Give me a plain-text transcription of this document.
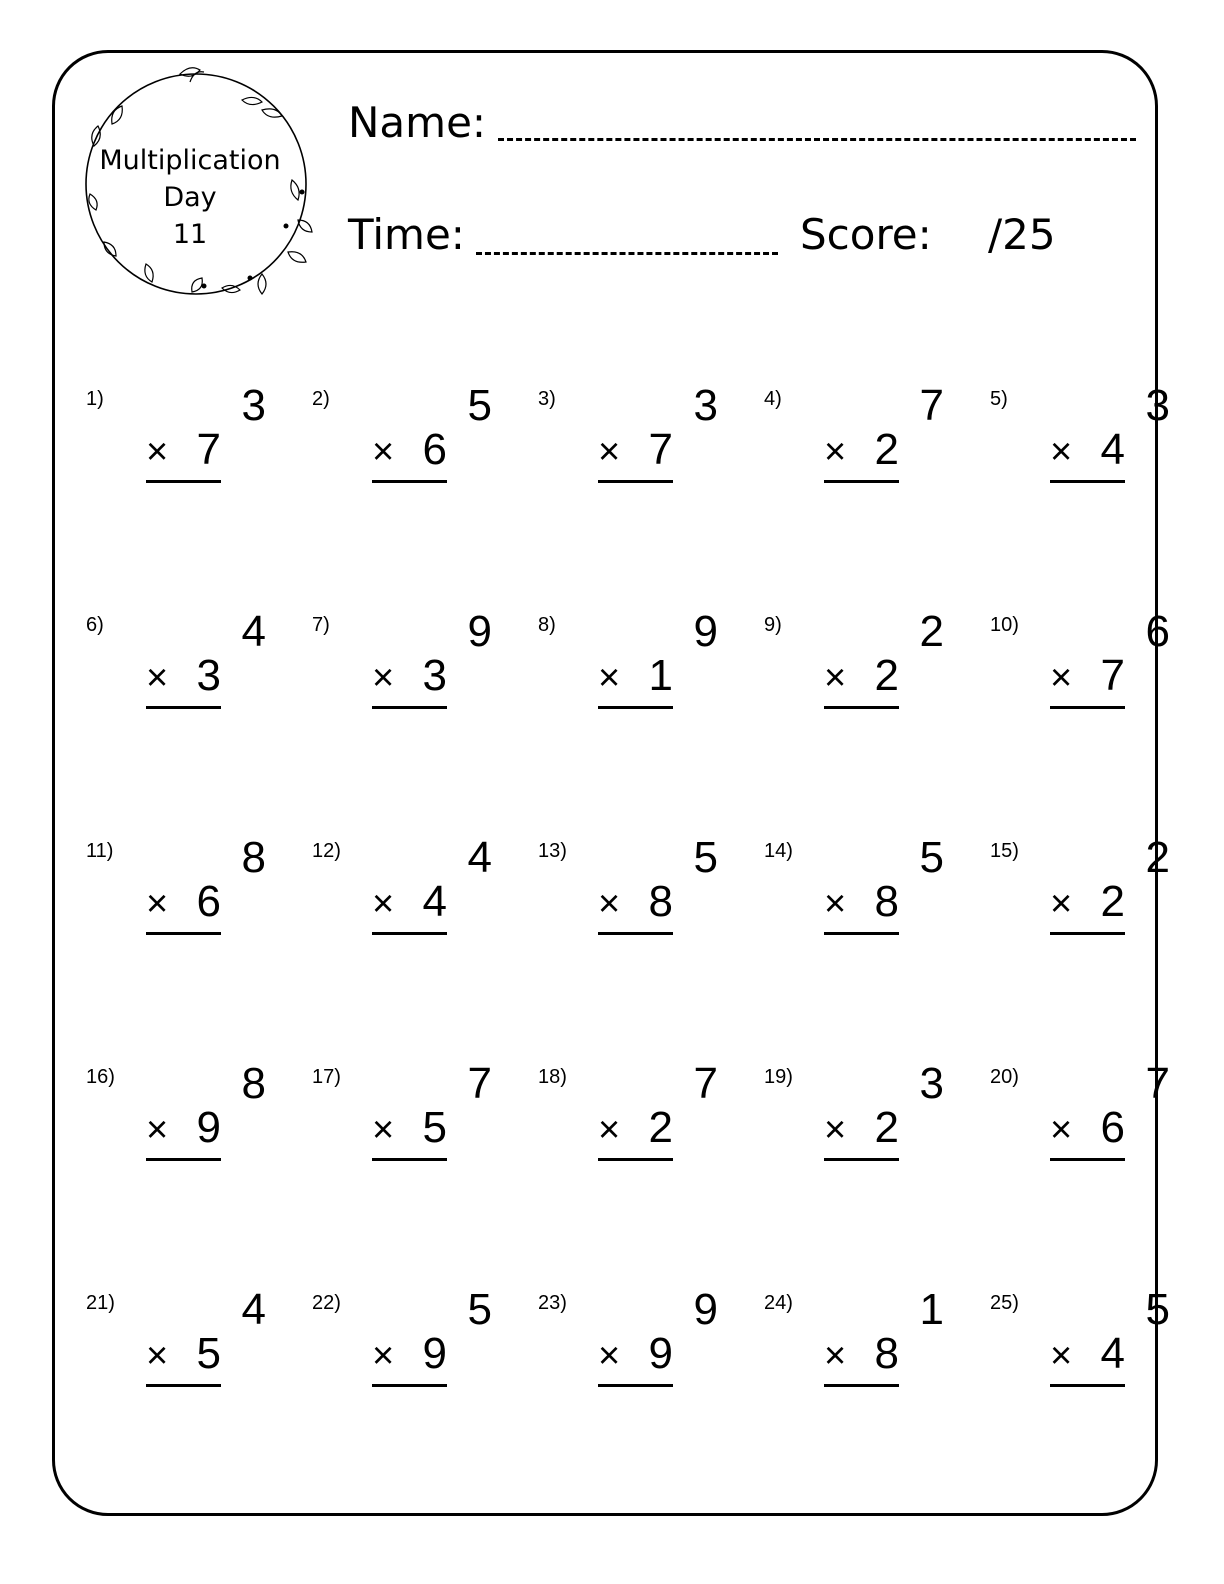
Multiplication
Day
11
Name:
Time:	Score: /25
1)	3
× 7
2)	5
× 6
3)	3
× 7
4)	7
× 2
5)	3
× 4
6)	4
× 3
7)	9
× 3
8)	9
× 1
9)	2
× 2
10)	6
× 7
11)	8
× 6
12)	4
× 4
13)	5
× 8
14)	5
× 8
15)	2
× 2
16)	8
× 9
17)	7
× 5
18)	7
× 2
19)	3
× 2
20)	7
× 6
21)	4
× 5
22)	5
× 9
23)	9
× 9
24)	1
× 8
25)	5
× 4
